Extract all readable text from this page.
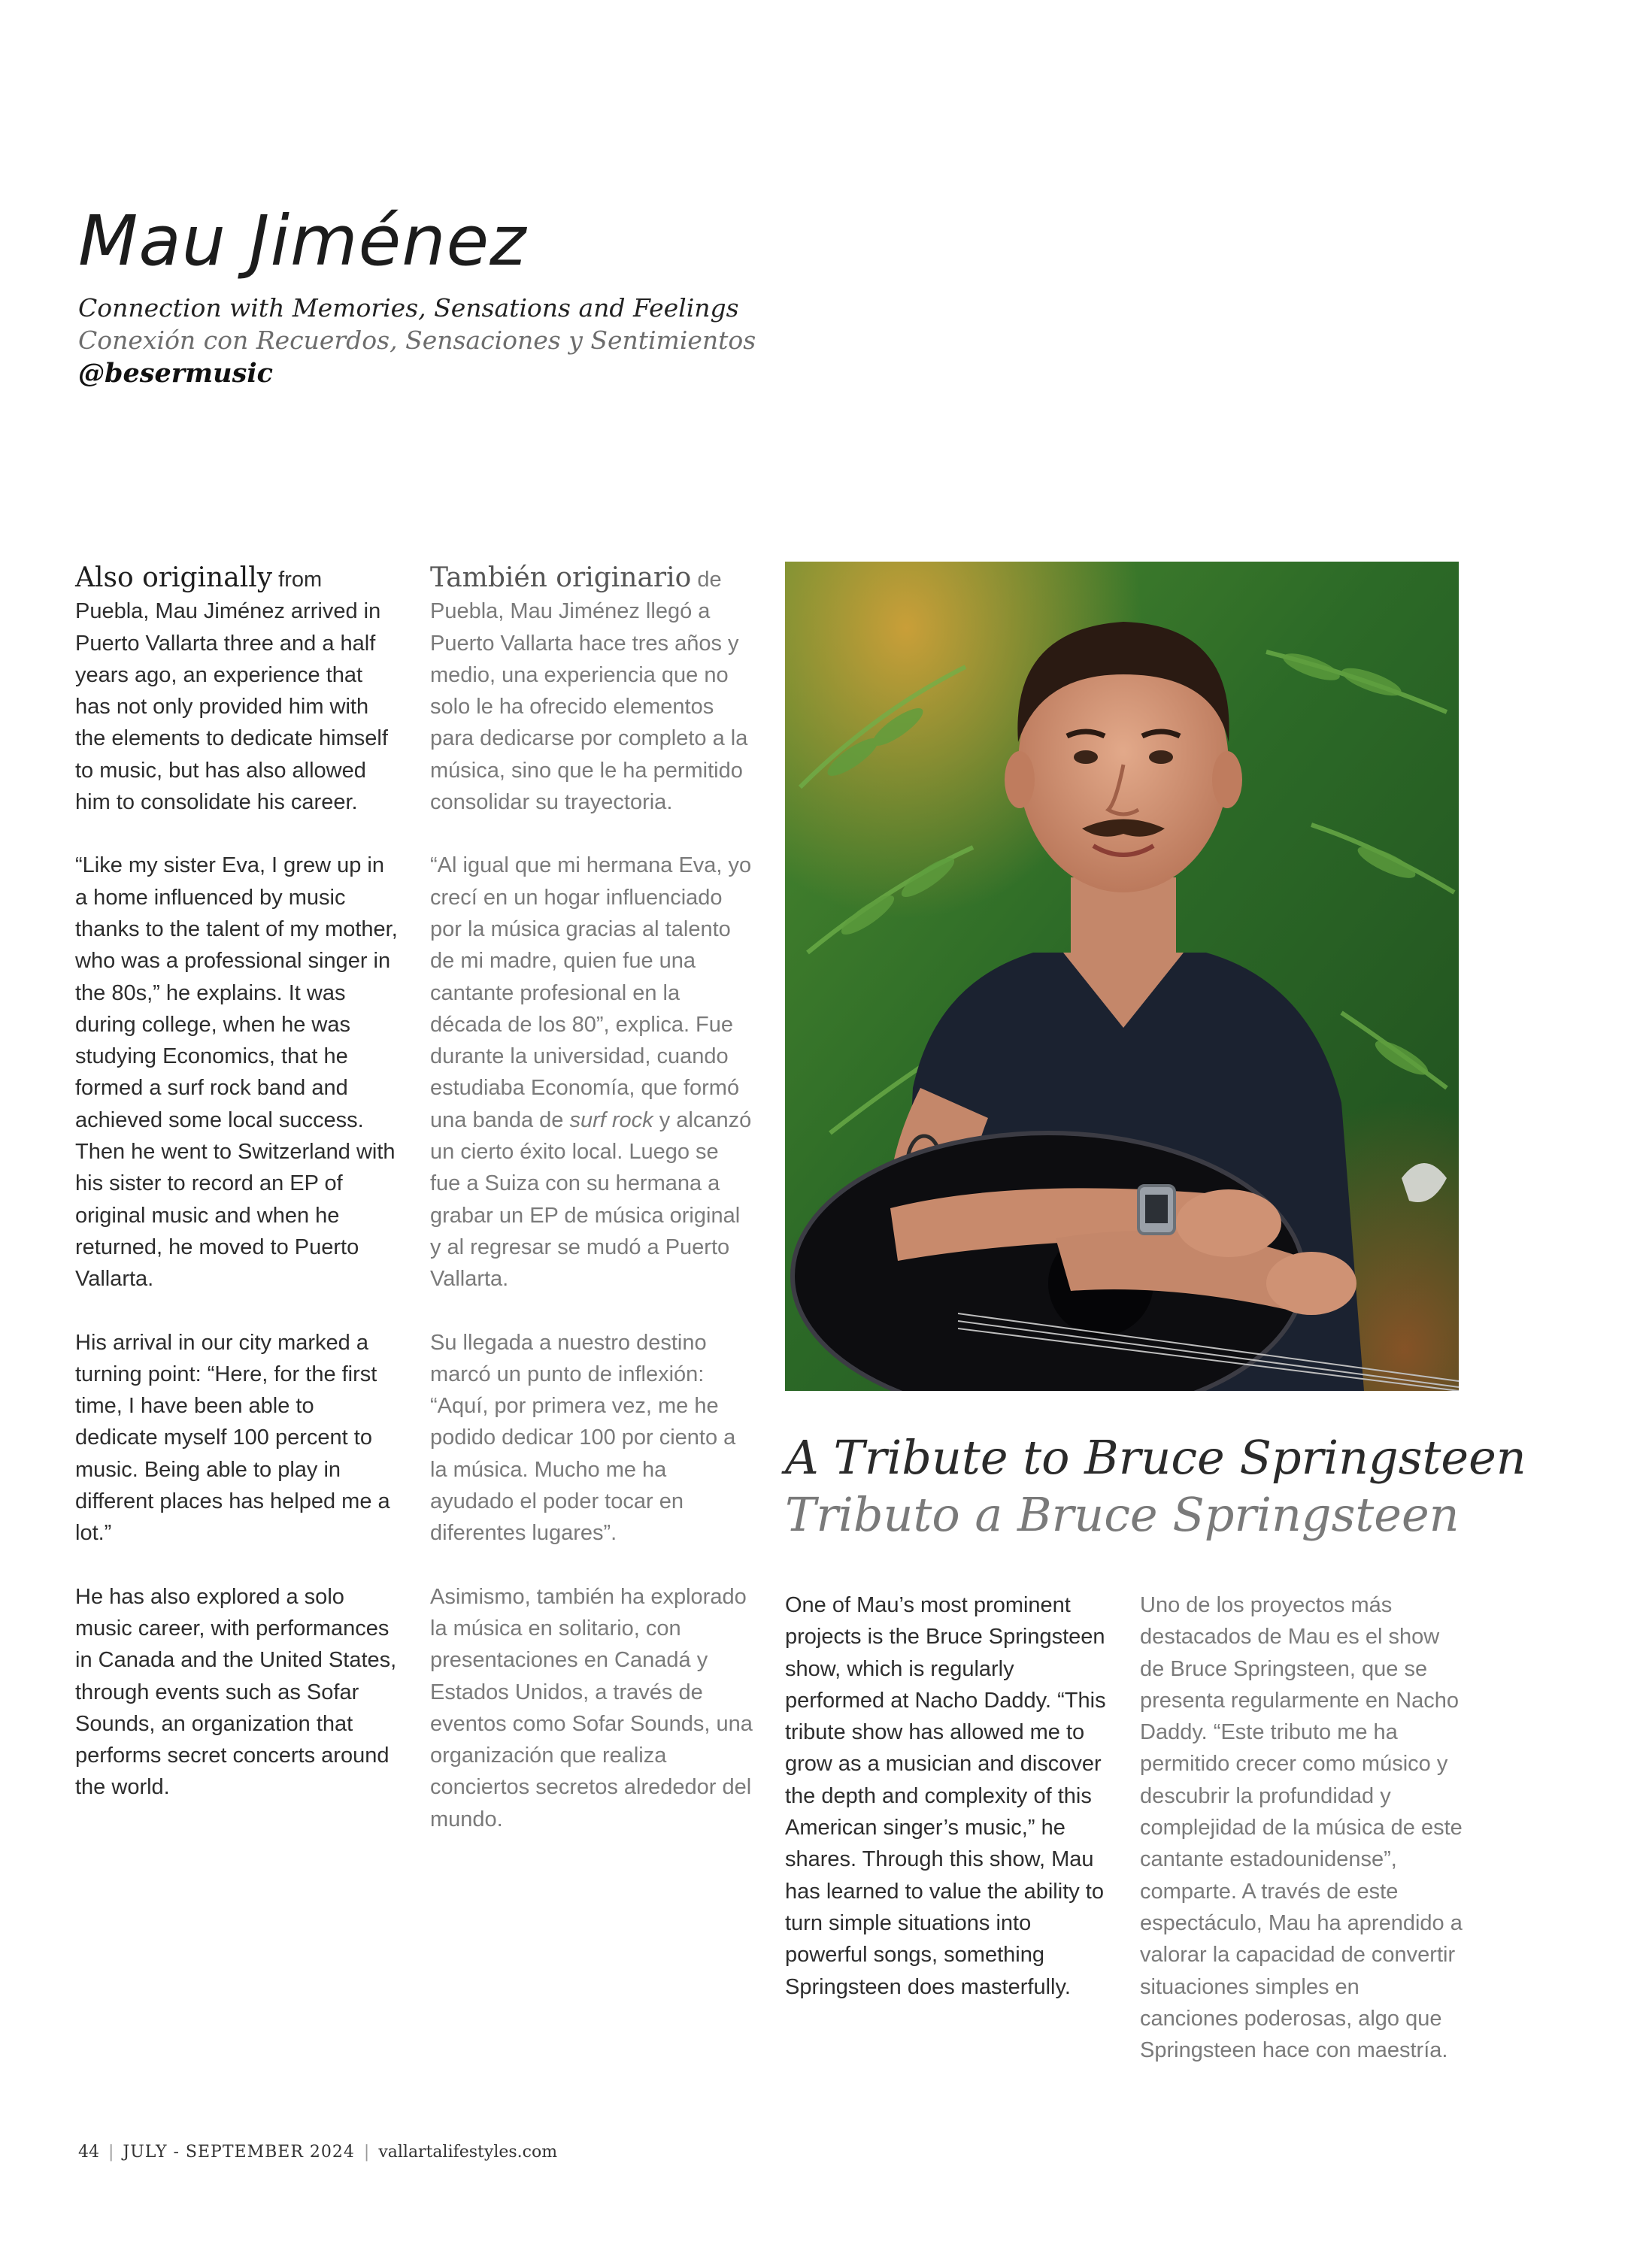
Mau Jiménez
Connection with Memories, Sensations and Feelings
Conexión con Recuerdos, Sensaciones y Sentimientos
@besermusic

Also originally from Puebla, Mau Jiménez arrived in Puerto Vallarta three and a half years ago, an experience that has not only provided him with the elements to dedicate himself to music, but has also allowed him to consolidate his career.

“Like my sister Eva, I grew up in a home influenced by music thanks to the talent of my mother, who was a professional singer in the 80s,” he explains. It was during college, when he was studying Economics, that he formed a surf rock band and achieved some local success. Then he went to Switzerland with his sister to record an EP of original music and when he returned, he moved to Puerto Vallarta.

His arrival in our city marked a turning point: “Here, for the first time, I have been able to dedicate myself 100 percent to music. Being able to play in different places has helped me a lot.”

He has also explored a solo music career, with performances in Canada and the United States, through events such as Sofar Sounds, an organization that performs secret concerts around the world.

También originario de Puebla, Mau Jiménez llegó a Puerto Vallarta hace tres años y medio, una experiencia que no solo le ha ofrecido elementos para dedicarse por completo a la música, sino que le ha permitido consolidar su trayectoria.

“Al igual que mi hermana Eva, yo crecí en un hogar influenciado por la música gracias al talento de mi madre, quien fue una cantante profesional en la década de los 80”, explica. Fue durante la universidad, cuando estudiaba Economía, que formó una banda de surf rock y alcanzó un cierto éxito local. Luego se fue a Suiza con su hermana a grabar un EP de música original y al regresar se mudó a Puerto Vallarta.

Su llegada a nuestro destino marcó un punto de inflexión: “Aquí, por primera vez, me he podido dedicar 100 por ciento a la música. Mucho me ha ayudado el poder tocar en diferentes lugares”.

Asimismo, también ha explorado la música en solitario, con presentaciones en Canadá y Estados Unidos, a través de eventos como Sofar Sounds, una organización que realiza conciertos secretos alrededor del mundo.

A Tribute to Bruce Springsteen
Tributo a Bruce Springsteen

One of Mau’s most prominent projects is the Bruce Springsteen show, which is regularly performed at Nacho Daddy. “This tribute show has allowed me to grow as a musician and discover the depth and complexity of this American singer’s music,” he shares. Through this show, Mau has learned to value the ability to turn simple situations into powerful songs, something Springsteen does masterfully.

Uno de los proyectos más destacados de Mau es el show de Bruce Springsteen, que se presenta regularmente en Nacho Daddy. “Este tributo me ha permitido crecer como músico y descubrir la profundidad y complejidad de la música de este cantante estadounidense”, comparte. A través de este espectáculo, Mau ha aprendido a valorar la capacidad de convertir situaciones simples en canciones poderosas, algo que Springsteen hace con maestría.

44 | JULY - SEPTEMBER 2024 | vallartalifestyles.com
